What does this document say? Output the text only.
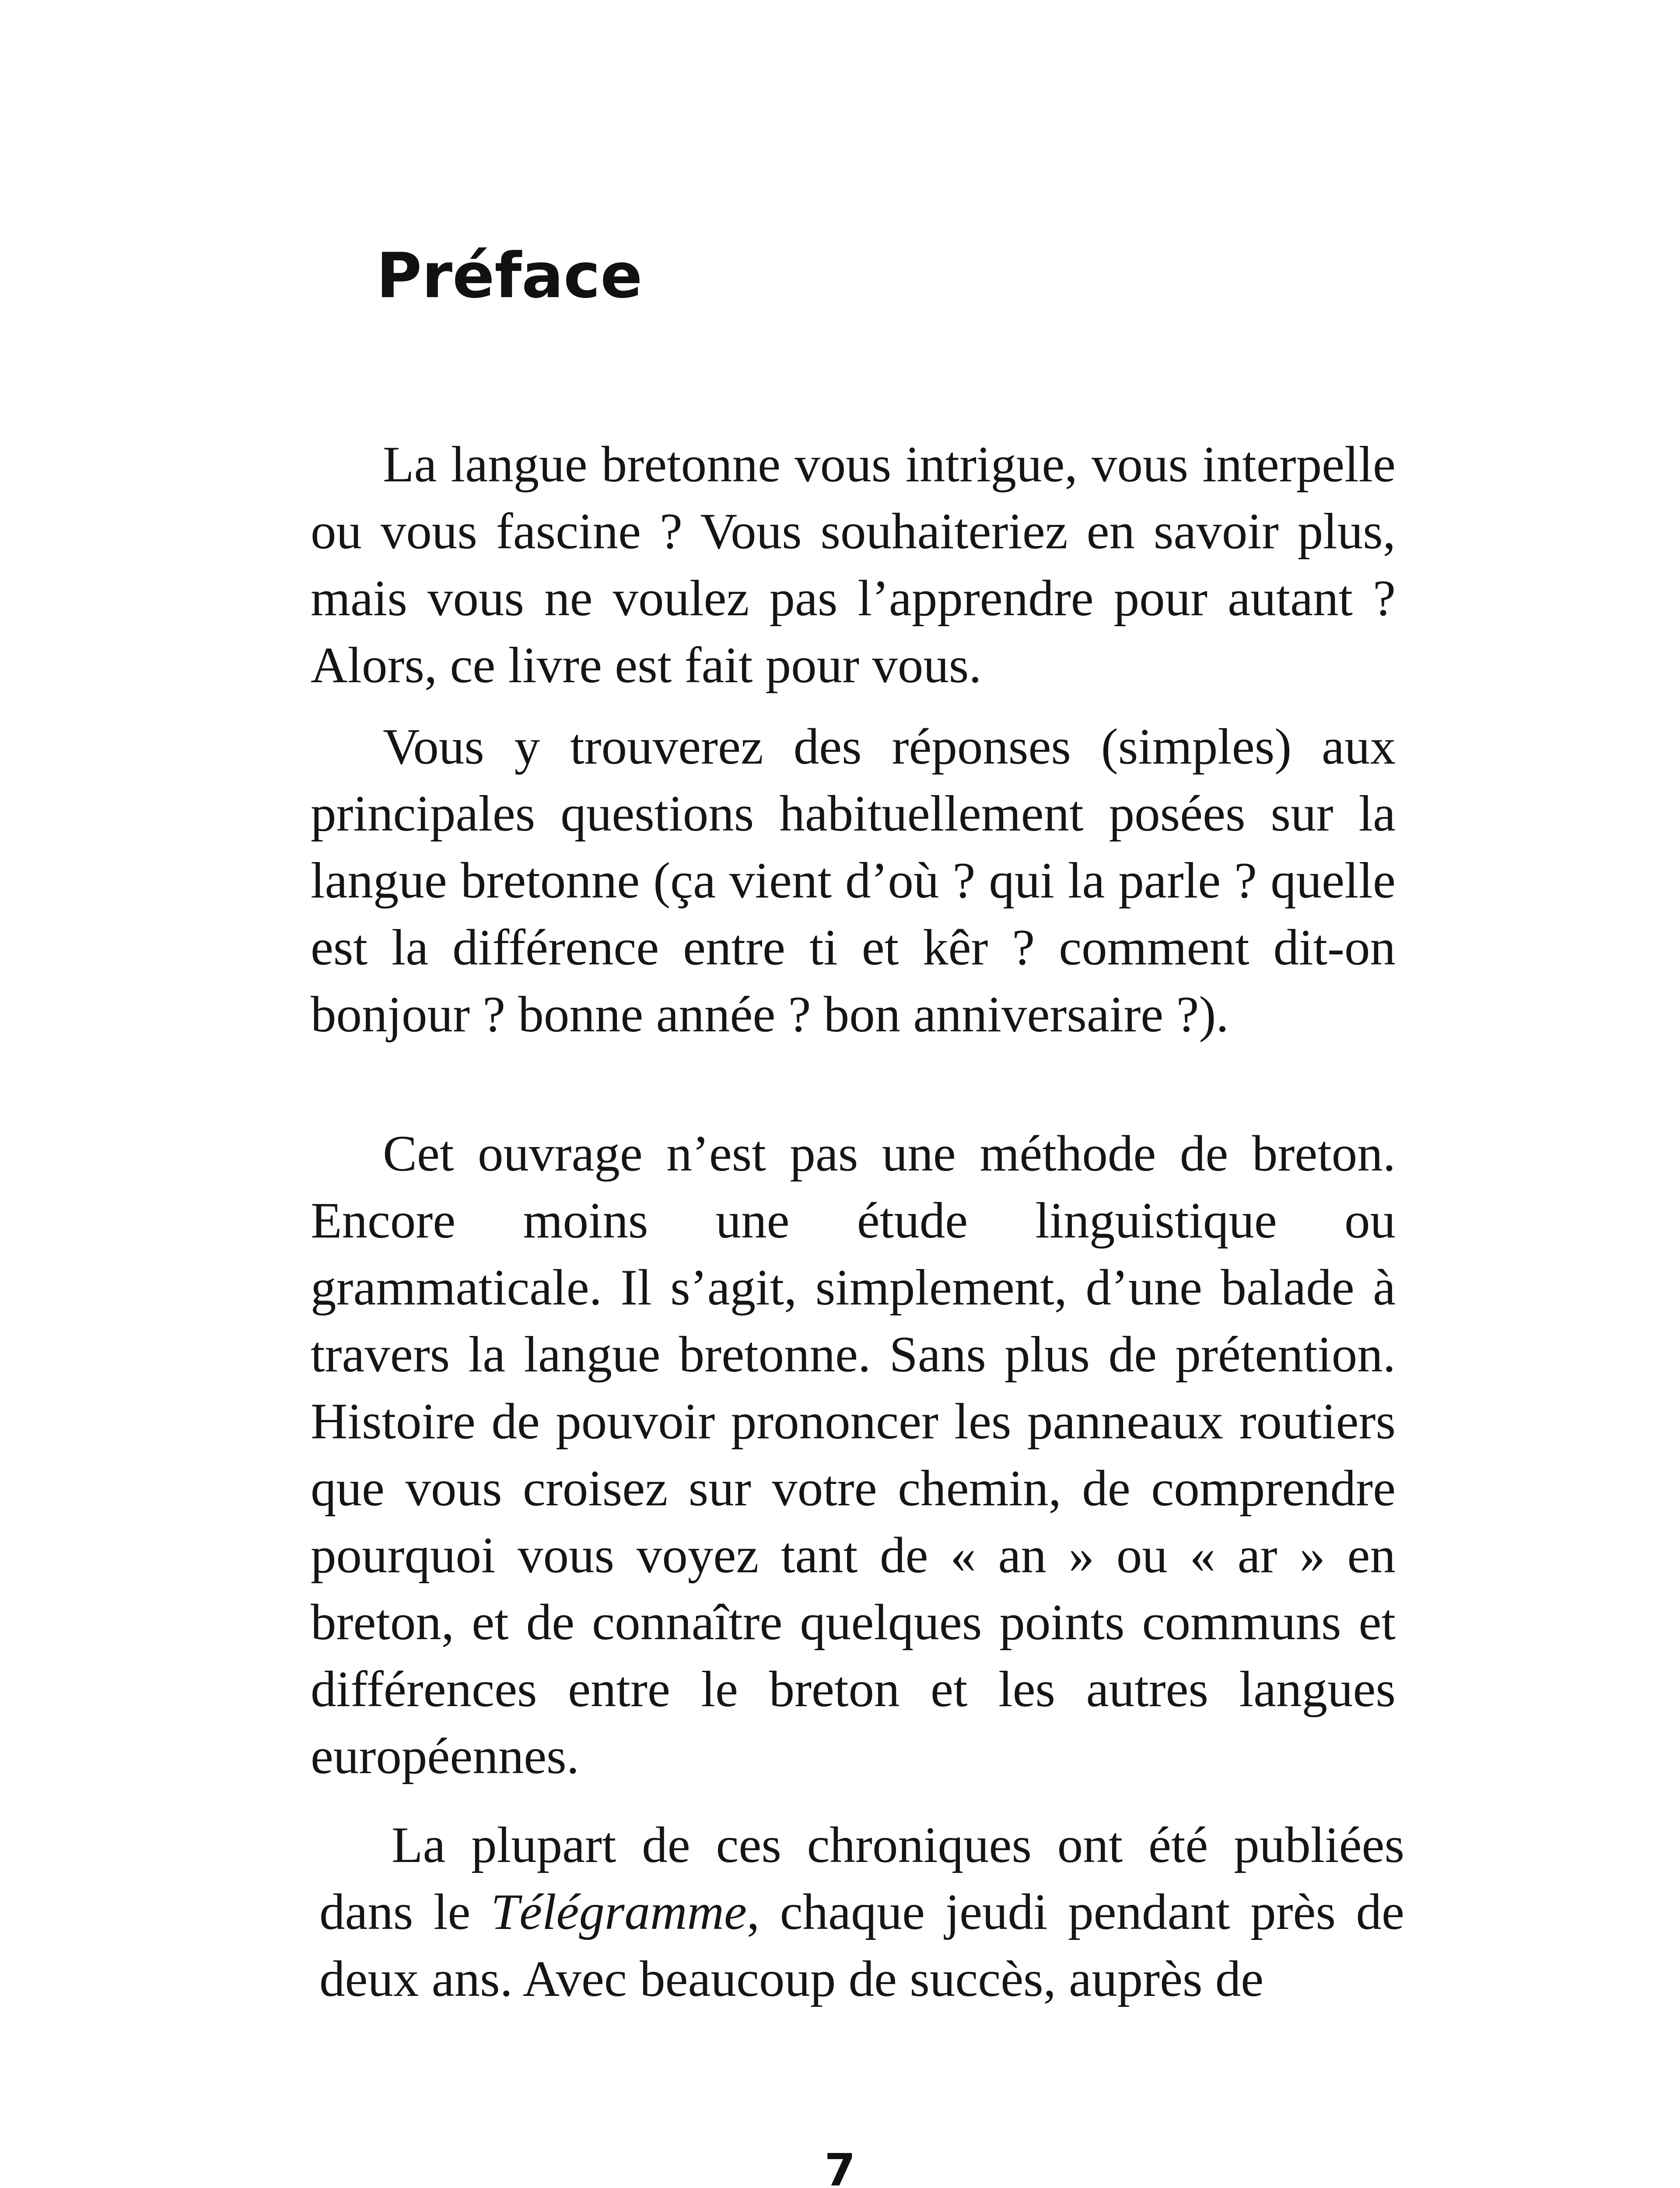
Préface

La langue bretonne vous intrigue, vous interpelle ou vous fascine ? Vous souhaiteriez en savoir plus, mais vous ne voulez pas l’apprendre pour autant ? Alors, ce livre est fait pour vous.

Vous y trouverez des réponses (simples) aux principales questions habituellement posées sur la langue bretonne (ça vient d’où ? qui la parle ? quelle est la différence entre ti et kêr ? comment dit-on bonjour ? bonne année ? bon anniversaire ?).

Cet ouvrage n’est pas une méthode de breton. Encore moins une étude linguistique ou grammaticale. Il s’agit, simplement, d’une balade à travers la langue bretonne. Sans plus de prétention. Histoire de pouvoir prononcer les panneaux routiers que vous croisez sur votre chemin, de comprendre pourquoi vous voyez tant de « an » ou « ar » en breton, et de connaître quelques points communs et différences entre le breton et les autres langues européennes.

La plupart de ces chroniques ont été publiées dans le Télégramme, chaque jeudi pendant près de deux ans. Avec beaucoup de succès, auprès de

7
